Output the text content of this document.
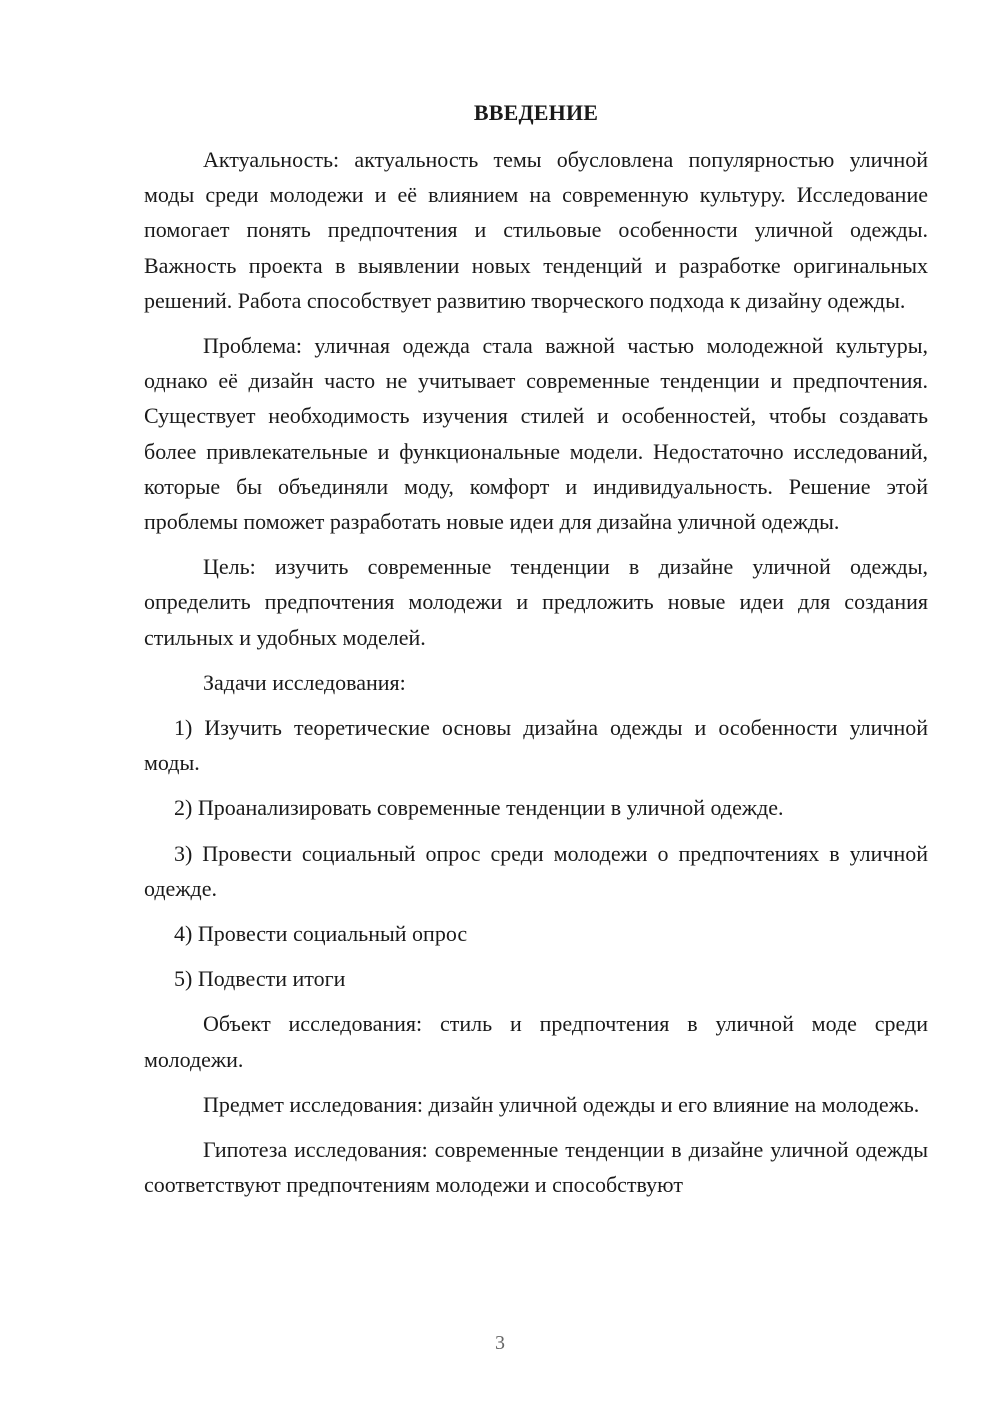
ВВЕДЕНИЕ

Актуальность: актуальность темы обусловлена популярностью уличной моды среди молодежи и её влиянием на современную культуру. Исследование помогает понять предпочтения и стильовые особенности уличной одежды. Важность проекта в выявлении новых тенденций и разработке оригинальных решений. Работа способствует развитию творческого подхода к дизайну одежды.

Проблема: уличная одежда стала важной частью молодежной культуры, однако её дизайн часто не учитывает современные тенденции и предпочтения. Существует необходимость изучения стилей и особенностей, чтобы создавать более привлекательные и функциональные модели. Недостаточно исследований, которые бы объединяли моду, комфорт и индивидуальность. Решение этой проблемы поможет разработать новые идеи для дизайна уличной одежды.

Цель: изучить современные тенденции в дизайне уличной одежды, определить предпочтения молодежи и предложить новые идеи для создания стильных и удобных моделей.

Задачи исследования:

1) Изучить теоретические основы дизайна одежды и особенности уличной моды.

2) Проанализировать современные тенденции в уличной одежде.

3) Провести социальный опрос среди молодежи о предпочтениях в уличной одежде.

4) Провести социальный опрос

5) Подвести итоги

Объект исследования: стиль и предпочтения в уличной моде среди молодежи.

Предмет исследования: дизайн уличной одежды и его влияние на молодежь.

Гипотеза исследования: современные тенденции в дизайне уличной одежды соответствуют предпочтениям молодежи и способствуют

3
